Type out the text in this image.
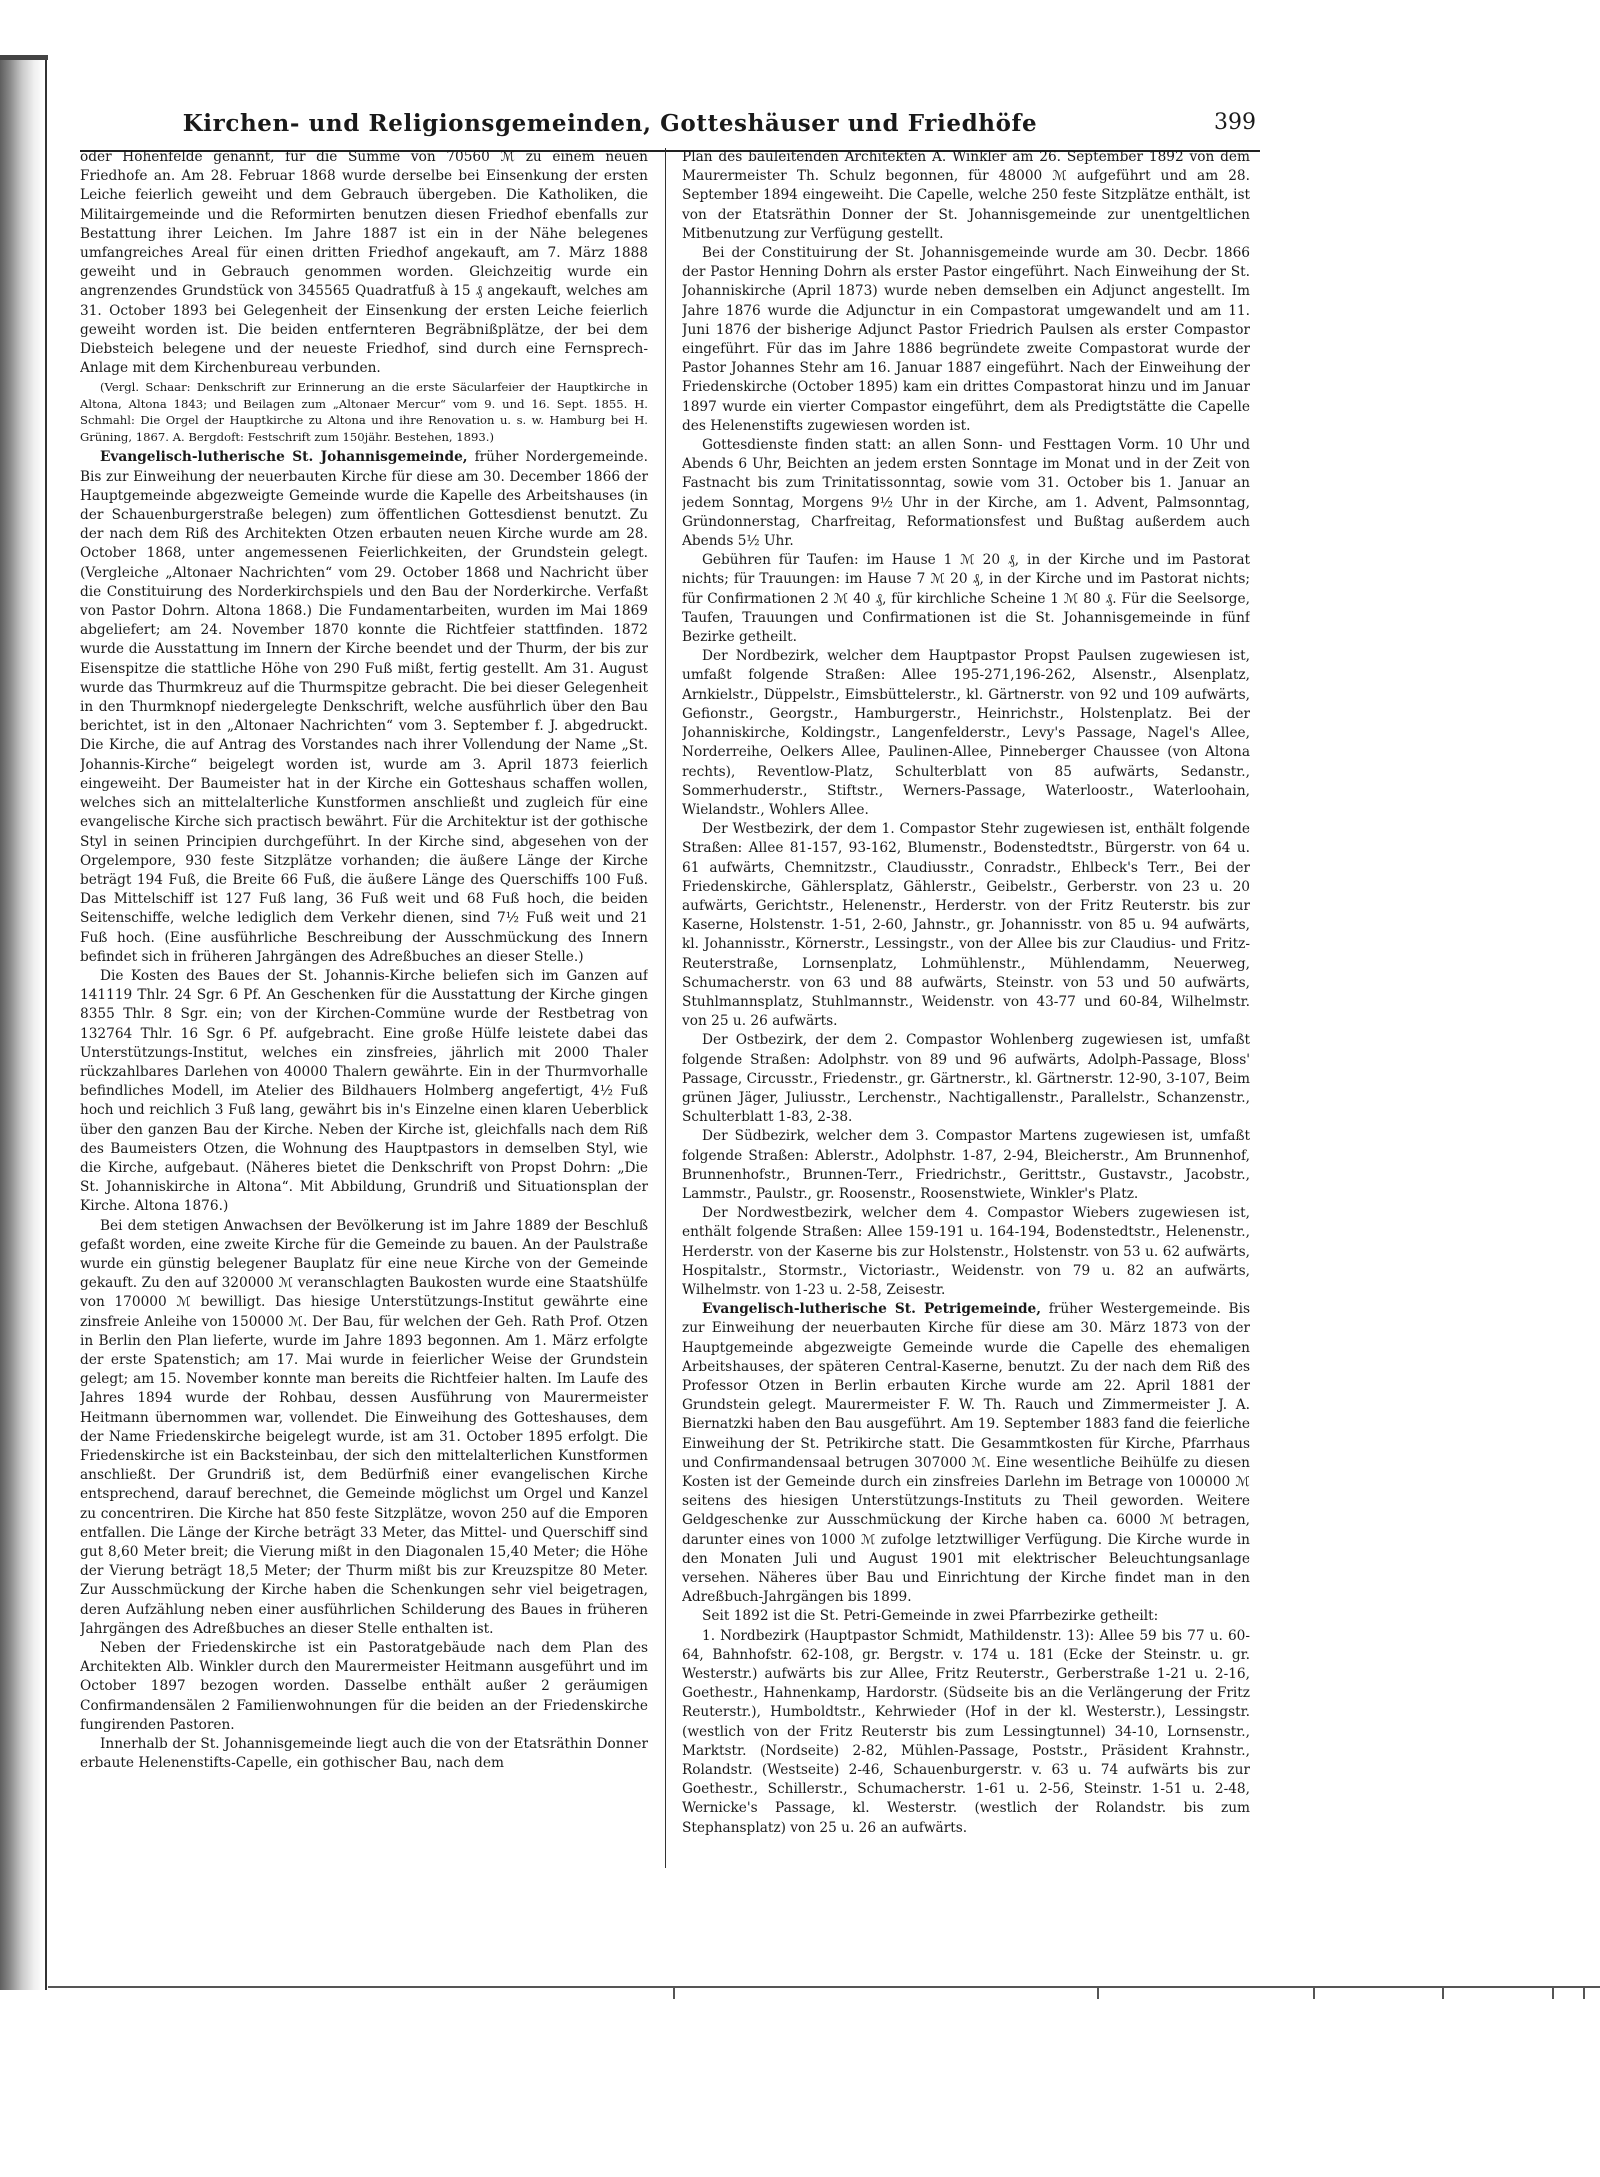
Kirchen- und Religionsgemeinden, Gotteshäuser und Friedhöfe	399

oder Hohenfelde genannt, für die Summe von 70560 ℳ zu einem neuen Friedhofe an. Am 28. Februar 1868 wurde derselbe bei Einsenkung der ersten Leiche feierlich geweiht und dem Gebrauch übergeben. Die Katholiken, die Militairgemeinde und die Reformirten benutzen diesen Friedhof ebenfalls zur Bestattung ihrer Leichen. Im Jahre 1887 ist ein in der Nähe belegenes umfangreiches Areal für einen dritten Friedhof angekauft, am 7. März 1888 geweiht und in Gebrauch genommen worden. Gleichzeitig wurde ein angrenzendes Grundstück von 345565 Quadratfuß à 15 ₰ angekauft, welches am 31. October 1893 bei Gelegenheit der Einsenkung der ersten Leiche feierlich geweiht worden ist. Die beiden entfernteren Begräbnißplätze, der bei dem Diebsteich belegene und der neueste Friedhof, sind durch eine Fernsprech-Anlage mit dem Kirchenbureau verbunden.

(Vergl. Schaar: Denkschrift zur Erinnerung an die erste Säcularfeier der Hauptkirche in Altona, Altona 1843; und Beilagen zum „Altonaer Mercur“ vom 9. und 16. Sept. 1855. H. Schmahl: Die Orgel der Hauptkirche zu Altona und ihre Renovation u. s. w. Hamburg bei H. Grüning, 1867. A. Bergdoft: Festschrift zum 150jähr. Bestehen, 1893.)

Evangelisch-lutherische St. Johannisgemeinde, früher Nordergemeinde. Bis zur Einweihung der neuerbauten Kirche für diese am 30. December 1866 der Hauptgemeinde abgezweigte Gemeinde wurde die Kapelle des Arbeitshauses (in der Schauenburgerstraße belegen) zum öffentlichen Gottesdienst benutzt. Zu der nach dem Riß des Architekten Otzen erbauten neuen Kirche wurde am 28. October 1868, unter angemessenen Feierlichkeiten, der Grundstein gelegt. (Vergleiche „Altonaer Nachrichten“ vom 29. October 1868 und Nachricht über die Constituirung des Norderkirchspiels und den Bau der Norderkirche. Verfaßt von Pastor Dohrn. Altona 1868.) Die Fundamentarbeiten, wurden im Mai 1869 abgeliefert; am 24. November 1870 konnte die Richtfeier stattfinden. 1872 wurde die Ausstattung im Innern der Kirche beendet und der Thurm, der bis zur Eisenspitze die stattliche Höhe von 290 Fuß mißt, fertig gestellt. Am 31. August wurde das Thurmkreuz auf die Thurmspitze gebracht. Die bei dieser Gelegenheit in den Thurmknopf niedergelegte Denkschrift, welche ausführlich über den Bau berichtet, ist in den „Altonaer Nachrichten“ vom 3. September f. J. abgedruckt. Die Kirche, die auf Antrag des Vorstandes nach ihrer Vollendung der Name „St. Johannis-Kirche“ beigelegt worden ist, wurde am 3. April 1873 feierlich eingeweiht. Der Baumeister hat in der Kirche ein Gotteshaus schaffen wollen, welches sich an mittelalterliche Kunstformen anschließt und zugleich für eine evangelische Kirche sich practisch bewährt. Für die Architektur ist der gothische Styl in seinen Principien durchgeführt. In der Kirche sind, abgesehen von der Orgelempore, 930 feste Sitzplätze vorhanden; die äußere Länge der Kirche beträgt 194 Fuß, die Breite 66 Fuß, die äußere Länge des Querschiffs 100 Fuß. Das Mittelschiff ist 127 Fuß lang, 36 Fuß weit und 68 Fuß hoch, die beiden Seitenschiffe, welche lediglich dem Verkehr dienen, sind 7½ Fuß weit und 21 Fuß hoch. (Eine ausführliche Beschreibung der Ausschmückung des Innern befindet sich in früheren Jahrgängen des Adreßbuches an dieser Stelle.)

Die Kosten des Baues der St. Johannis-Kirche beliefen sich im Ganzen auf 141119 Thlr. 24 Sgr. 6 Pf. An Geschenken für die Ausstattung der Kirche gingen 8355 Thlr. 8 Sgr. ein; von der Kirchen-Commüne wurde der Restbetrag von 132764 Thlr. 16 Sgr. 6 Pf. aufgebracht. Eine große Hülfe leistete dabei das Unterstützungs-Institut, welches ein zinsfreies, jährlich mit 2000 Thaler rückzahlbares Darlehen von 40000 Thalern gewährte. Ein in der Thurmvorhalle befindliches Modell, im Atelier des Bildhauers Holmberg angefertigt, 4½ Fuß hoch und reichlich 3 Fuß lang, gewährt bis in's Einzelne einen klaren Ueberblick über den ganzen Bau der Kirche. Neben der Kirche ist, gleichfalls nach dem Riß des Baumeisters Otzen, die Wohnung des Hauptpastors in demselben Styl, wie die Kirche, aufgebaut. (Näheres bietet die Denkschrift von Propst Dohrn: „Die St. Johanniskirche in Altona“. Mit Abbildung, Grundriß und Situationsplan der Kirche. Altona 1876.)

Bei dem stetigen Anwachsen der Bevölkerung ist im Jahre 1889 der Beschluß gefaßt worden, eine zweite Kirche für die Gemeinde zu bauen. An der Paulstraße wurde ein günstig belegener Bauplatz für eine neue Kirche von der Gemeinde gekauft. Zu den auf 320000 ℳ veranschlagten Baukosten wurde eine Staatshülfe von 170000 ℳ bewilligt. Das hiesige Unterstützungs-Institut gewährte eine zinsfreie Anleihe von 150000 ℳ. Der Bau, für welchen der Geh. Rath Prof. Otzen in Berlin den Plan lieferte, wurde im Jahre 1893 begonnen. Am 1. März erfolgte der erste Spatenstich; am 17. Mai wurde in feierlicher Weise der Grundstein gelegt; am 15. November konnte man bereits die Richtfeier halten. Im Laufe des Jahres 1894 wurde der Rohbau, dessen Ausführung von Maurermeister Heitmann übernommen war, vollendet. Die Einweihung des Gotteshauses, dem der Name Friedenskirche beigelegt wurde, ist am 31. October 1895 erfolgt. Die Friedenskirche ist ein Backsteinbau, der sich den mittelalterlichen Kunstformen anschließt. Der Grundriß ist, dem Bedürfniß einer evangelischen Kirche entsprechend, darauf berechnet, die Gemeinde möglichst um Orgel und Kanzel zu concentriren. Die Kirche hat 850 feste Sitzplätze, wovon 250 auf die Emporen entfallen. Die Länge der Kirche beträgt 33 Meter, das Mittel- und Querschiff sind gut 8,60 Meter breit; die Vierung mißt in den Diagonalen 15,40 Meter; die Höhe der Vierung beträgt 18,5 Meter; der Thurm mißt bis zur Kreuzspitze 80 Meter. Zur Ausschmückung der Kirche haben die Schenkungen sehr viel beigetragen, deren Aufzählung neben einer ausführlichen Schilderung des Baues in früheren Jahrgängen des Adreßbuches an dieser Stelle enthalten ist.

Neben der Friedenskirche ist ein Pastoratgebäude nach dem Plan des Architekten Alb. Winkler durch den Maurermeister Heitmann ausgeführt und im October 1897 bezogen worden. Dasselbe enthält außer 2 geräumigen Confirmandensälen 2 Familienwohnungen für die beiden an der Friedenskirche fungirenden Pastoren.

Innerhalb der St. Johannisgemeinde liegt auch die von der Etatsräthin Donner erbaute Helenenstifts-Capelle, ein gothischer Bau, nach dem

Plan des bauleitenden Architekten A. Winkler am 26. September 1892 von dem Maurermeister Th. Schulz begonnen, für 48000 ℳ aufgeführt und am 28. September 1894 eingeweiht. Die Capelle, welche 250 feste Sitzplätze enthält, ist von der Etatsräthin Donner der St. Johannisgemeinde zur unentgeltlichen Mitbenutzung zur Verfügung gestellt.

Bei der Constituirung der St. Johannisgemeinde wurde am 30. Decbr. 1866 der Pastor Henning Dohrn als erster Pastor eingeführt. Nach Einweihung der St. Johanniskirche (April 1873) wurde neben demselben ein Adjunct angestellt. Im Jahre 1876 wurde die Adjunctur in ein Compastorat umgewandelt und am 11. Juni 1876 der bisherige Adjunct Pastor Friedrich Paulsen als erster Compastor eingeführt. Für das im Jahre 1886 begründete zweite Compastorat wurde der Pastor Johannes Stehr am 16. Januar 1887 eingeführt. Nach der Einweihung der Friedenskirche (October 1895) kam ein drittes Compastorat hinzu und im Januar 1897 wurde ein vierter Compastor eingeführt, dem als Predigtstätte die Capelle des Helenenstifts zugewiesen worden ist.

Gottesdienste finden statt: an allen Sonn- und Festtagen Vorm. 10 Uhr und Abends 6 Uhr, Beichten an jedem ersten Sonntage im Monat und in der Zeit von Fastnacht bis zum Trinitatissonntag, sowie vom 31. October bis 1. Januar an jedem Sonntag, Morgens 9½ Uhr in der Kirche, am 1. Advent, Palmsonntag, Gründonnerstag, Charfreitag, Reformationsfest und Bußtag außerdem auch Abends 5½ Uhr.

Gebühren für Taufen: im Hause 1 ℳ 20 ₰, in der Kirche und im Pastorat nichts; für Trauungen: im Hause 7 ℳ 20 ₰, in der Kirche und im Pastorat nichts; für Confirmationen 2 ℳ 40 ₰, für kirchliche Scheine 1 ℳ 80 ₰. Für die Seelsorge, Taufen, Trauungen und Confirmationen ist die St. Johannisgemeinde in fünf Bezirke getheilt.

Der Nordbezirk, welcher dem Hauptpastor Propst Paulsen zugewiesen ist, umfaßt folgende Straßen: Allee 195-271,196-262, Alsenstr., Alsenplatz, Arnkielstr., Düppelstr., Eimsbüttelerstr., kl. Gärtnerstr. von 92 und 109 aufwärts, Gefionstr., Georgstr., Hamburgerstr., Heinrichstr., Holstenplatz. Bei der Johanniskirche, Koldingstr., Langenfelderstr., Levy's Passage, Nagel's Allee, Norderreihe, Oelkers Allee, Paulinen-Allee, Pinneberger Chaussee (von Altona rechts), Reventlow-Platz, Schulterblatt von 85 aufwärts, Sedanstr., Sommerhuderstr., Stiftstr., Werners-Passage, Waterloostr., Waterloohain, Wielandstr., Wohlers Allee.

Der Westbezirk, der dem 1. Compastor Stehr zugewiesen ist, enthält folgende Straßen: Allee 81-157, 93-162, Blumenstr., Bodenstedtstr., Bürgerstr. von 64 u. 61 aufwärts, Chemnitzstr., Claudiusstr., Conradstr., Ehlbeck's Terr., Bei der Friedenskirche, Gählersplatz, Gählerstr., Geibelstr., Gerberstr. von 23 u. 20 aufwärts, Gerichtstr., Helenenstr., Herderstr. von der Fritz Reuterstr. bis zur Kaserne, Holstenstr. 1-51, 2-60, Jahnstr., gr. Johannisstr. von 85 u. 94 aufwärts, kl. Johannisstr., Körnerstr., Lessingstr., von der Allee bis zur Claudius- und Fritz-Reuterstraße, Lornsenplatz, Lohmühlenstr., Mühlendamm, Neuerweg, Schumacherstr. von 63 und 88 aufwärts, Steinstr. von 53 und 50 aufwärts, Stuhlmannsplatz, Stuhlmannstr., Weidenstr. von 43-77 und 60-84, Wilhelmstr. von 25 u. 26 aufwärts.

Der Ostbezirk, der dem 2. Compastor Wohlenberg zugewiesen ist, umfaßt folgende Straßen: Adolphstr. von 89 und 96 aufwärts, Adolph-Passage, Bloss' Passage, Circusstr., Friedenstr., gr. Gärtnerstr., kl. Gärtnerstr. 12-90, 3-107, Beim grünen Jäger, Juliusstr., Lerchenstr., Nachtigallenstr., Parallelstr., Schanzenstr., Schulterblatt 1-83, 2-38.

Der Südbezirk, welcher dem 3. Compastor Martens zugewiesen ist, umfaßt folgende Straßen: Ablerstr., Adolphstr. 1-87, 2-94, Bleicherstr., Am Brunnenhof, Brunnenhofstr., Brunnen-Terr., Friedrichstr., Gerittstr., Gustavstr., Jacobstr., Lammstr., Paulstr., gr. Roosenstr., Roosenstwiete, Winkler's Platz.

Der Nordwestbezirk, welcher dem 4. Compastor Wiebers zugewiesen ist, enthält folgende Straßen: Allee 159-191 u. 164-194, Bodenstedtstr., Helenenstr., Herderstr. von der Kaserne bis zur Holstenstr., Holstenstr. von 53 u. 62 aufwärts, Hospitalstr., Stormstr., Victoriastr., Weidenstr. von 79 u. 82 an aufwärts, Wilhelmstr. von 1-23 u. 2-58, Zeisestr.

Evangelisch-lutherische St. Petrigemeinde, früher Westergemeinde. Bis zur Einweihung der neuerbauten Kirche für diese am 30. März 1873 von der Hauptgemeinde abgezweigte Gemeinde wurde die Capelle des ehemaligen Arbeitshauses, der späteren Central-Kaserne, benutzt. Zu der nach dem Riß des Professor Otzen in Berlin erbauten Kirche wurde am 22. April 1881 der Grundstein gelegt. Maurermeister F. W. Th. Rauch und Zimmermeister J. A. Biernatzki haben den Bau ausgeführt. Am 19. September 1883 fand die feierliche Einweihung der St. Petrikirche statt. Die Gesammtkosten für Kirche, Pfarrhaus und Confirmandensaal betrugen 307000 ℳ. Eine wesentliche Beihülfe zu diesen Kosten ist der Gemeinde durch ein zinsfreies Darlehn im Betrage von 100000 ℳ seitens des hiesigen Unterstützungs-Instituts zu Theil geworden. Weitere Geldgeschenke zur Ausschmückung der Kirche haben ca. 6000 ℳ betragen, darunter eines von 1000 ℳ zufolge letztwilliger Verfügung. Die Kirche wurde in den Monaten Juli und August 1901 mit elektrischer Beleuchtungsanlage versehen. Näheres über Bau und Einrichtung der Kirche findet man in den Adreßbuch-Jahrgängen bis 1899.

Seit 1892 ist die St. Petri-Gemeinde in zwei Pfarrbezirke getheilt:

1. Nordbezirk (Hauptpastor Schmidt, Mathildenstr. 13): Allee 59 bis 77 u. 60-64, Bahnhofstr. 62-108, gr. Bergstr. v. 174 u. 181 (Ecke der Steinstr. u. gr. Westerstr.) aufwärts bis zur Allee, Fritz Reuterstr., Gerberstraße 1-21 u. 2-16, Goethestr., Hahnenkamp, Hardorstr. (Südseite bis an die Verlängerung der Fritz Reuterstr.), Humboldtstr., Kehrwieder (Hof in der kl. Westerstr.), Lessingstr. (westlich von der Fritz Reuterstr bis zum Lessingtunnel) 34-10, Lornsenstr., Marktstr. (Nordseite) 2-82, Mühlen-Passage, Poststr., Präsident Krahnstr., Rolandstr. (Westseite) 2-46, Schauenburgerstr. v. 63 u. 74 aufwärts bis zur Goethestr., Schillerstr., Schumacherstr. 1-61 u. 2-56, Steinstr. 1-51 u. 2-48, Wernicke's Passage, kl. Westerstr. (westlich der Rolandstr. bis zum Stephansplatz) von 25 u. 26 an aufwärts.
